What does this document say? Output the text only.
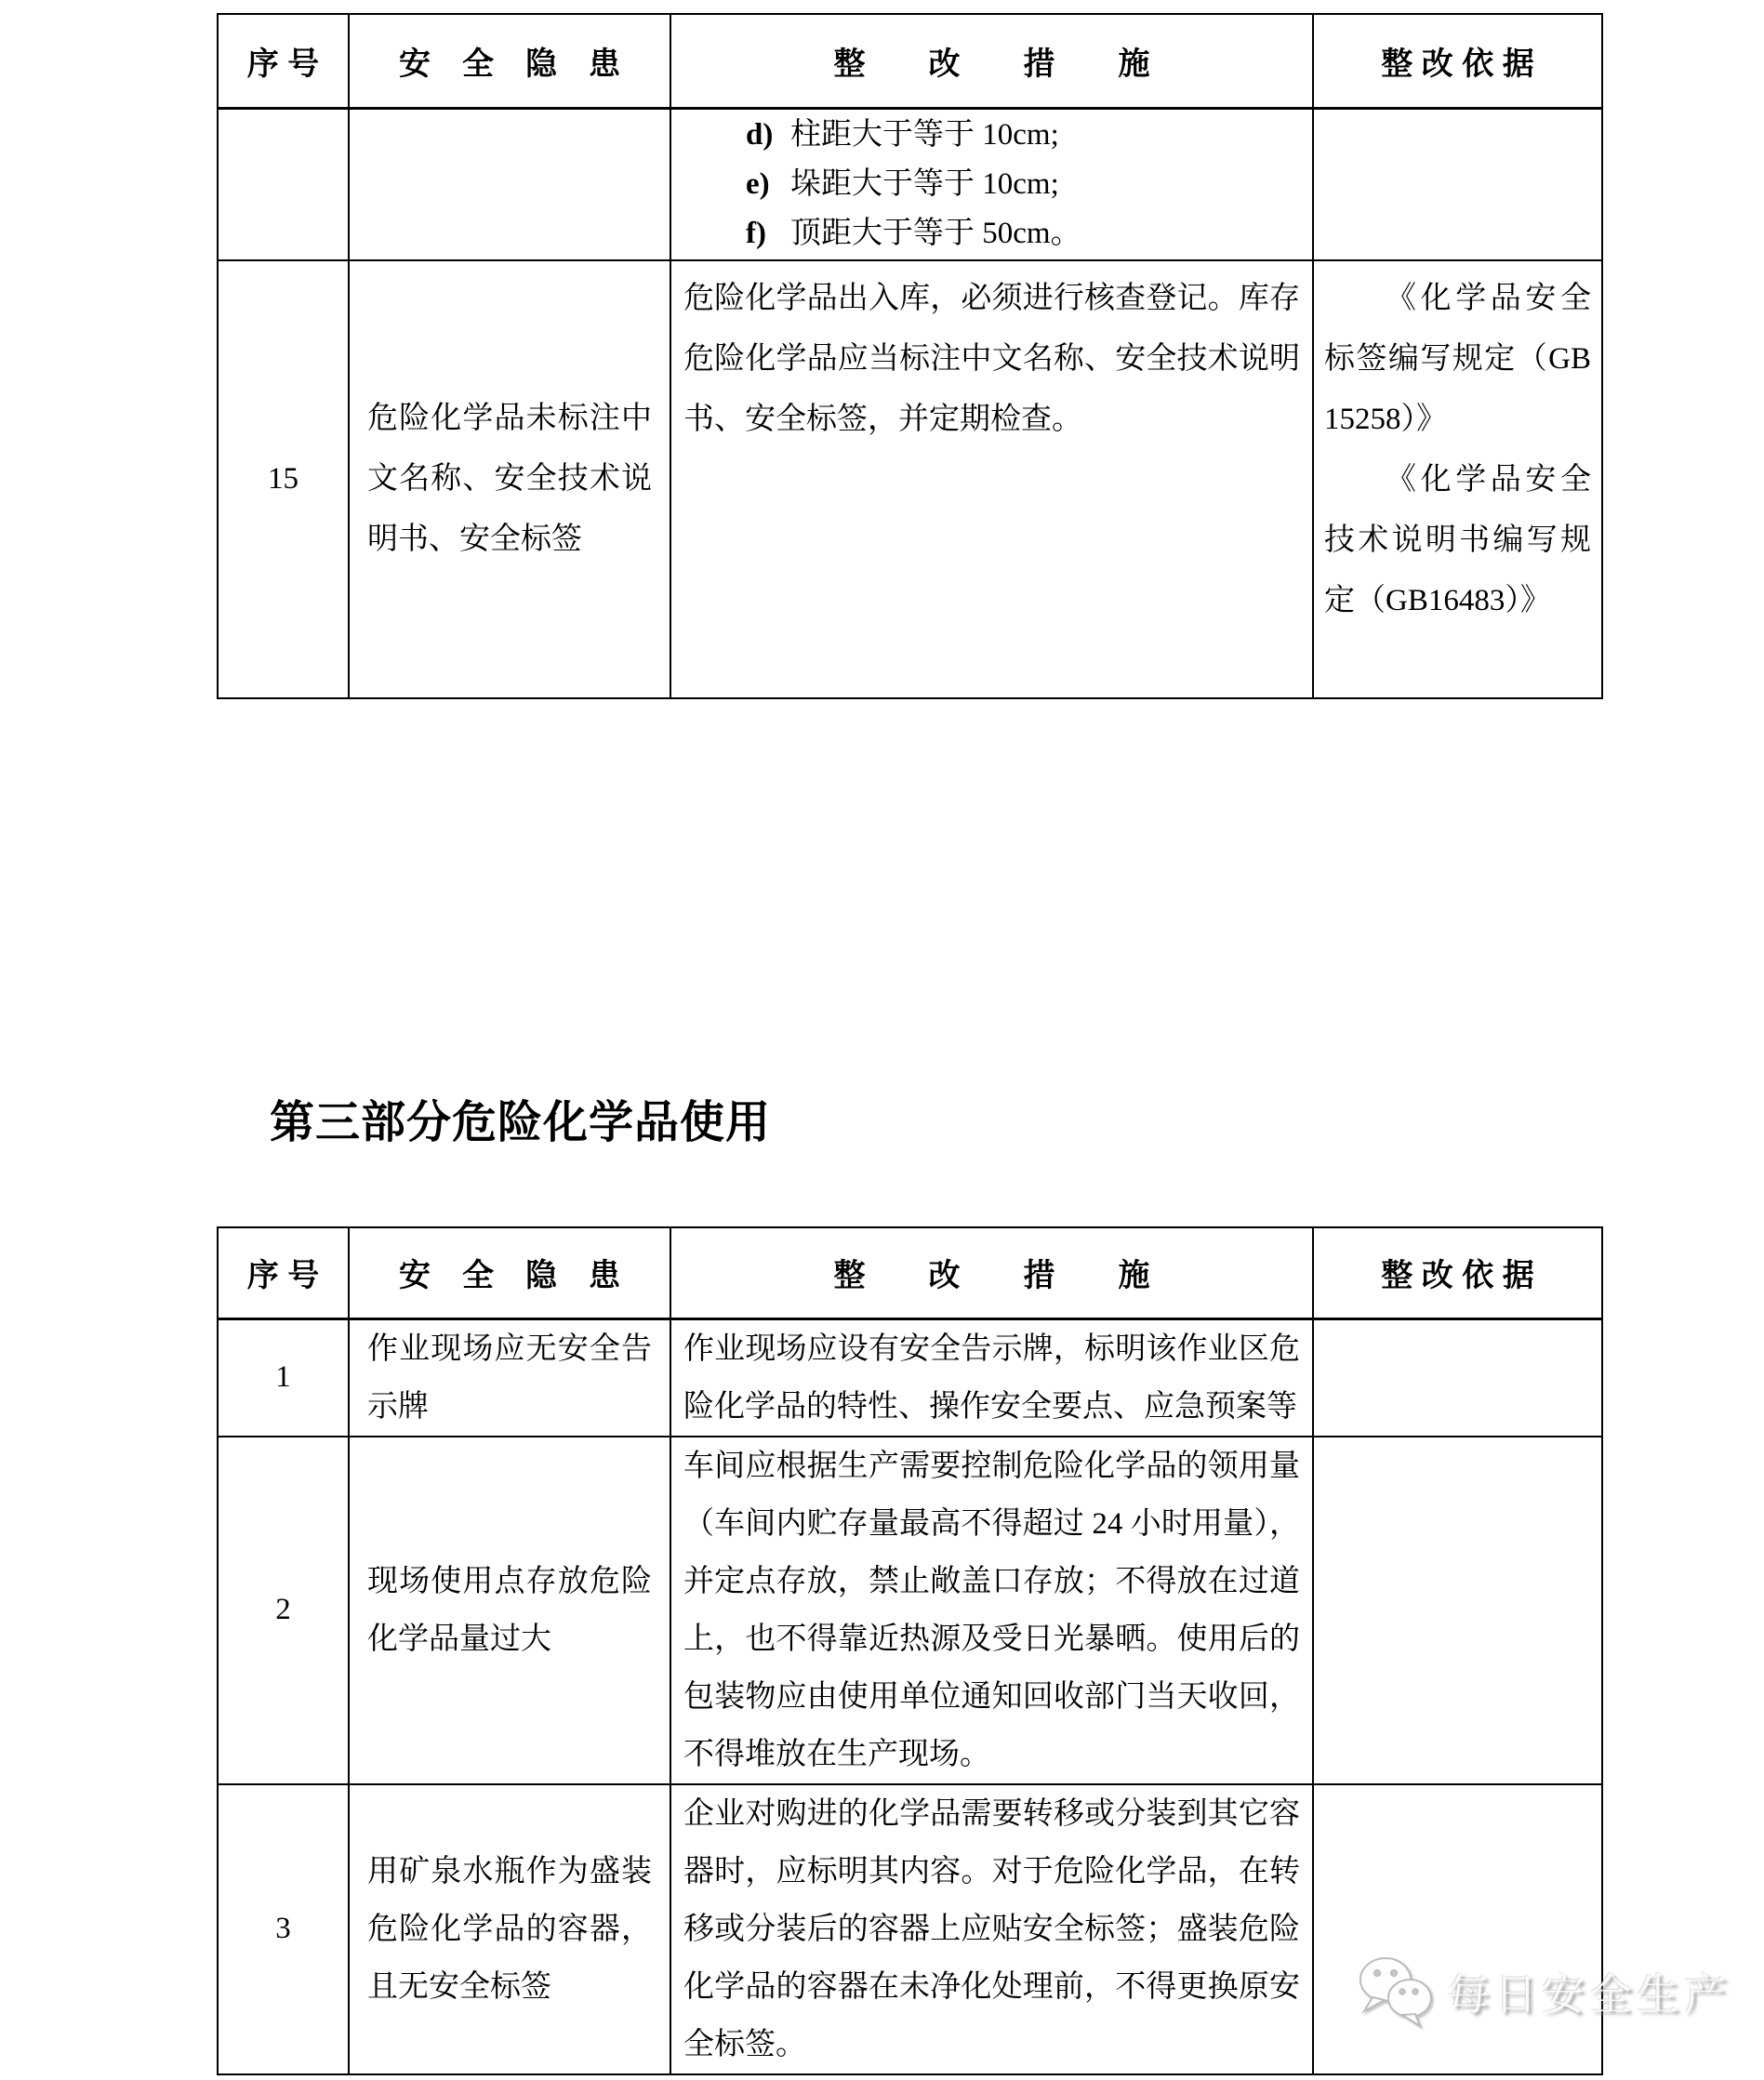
序号	安全隐患	整改措施	整改依据

		d) 柱距大于等于 10cm;
e) 垛距大于等于 10cm;
f) 顶距大于等于 50cm。	

15	危险化学品未标注中文名称、安全技术说明书、安全标签	危险化学品出入库，必须进行核查登记。库存危险化学品应当标注中文名称、安全技术说明书、安全标签，并定期检查。	《化学品安全标签编写规定（GB15258）》

《化学品安全技术说明书编写规定（GB16483）》

第三部分危险化学品使用
序号	安全隐患	整改措施	整改依据
1	作业现场应无安全告示牌	作业现场应设有安全告示牌，标明该作业区危险化学品的特性、操作安全要点、应急预案等	
2	现场使用点存放危险化学品量过大	车间应根据生产需要控制危险化学品的领用量（车间内贮存量最高不得超过 24 小时用量），并定点存放，禁止敞盖口存放；不得放在过道上，也不得靠近热源及受日光暴晒。使用后的包装物应由使用单位通知回收部门当天收回，不得堆放在生产现场。	
3	用矿泉水瓶作为盛装危险化学品的容器，且无安全标签	企业对购进的化学品需要转移或分装到其它容器时，应标明其内容。对于危险化学品，在转移或分装后的容器上应贴安全标签；盛装危险化学品的容器在未净化处理前，不得更换原安全标签。	
每日安全生产
